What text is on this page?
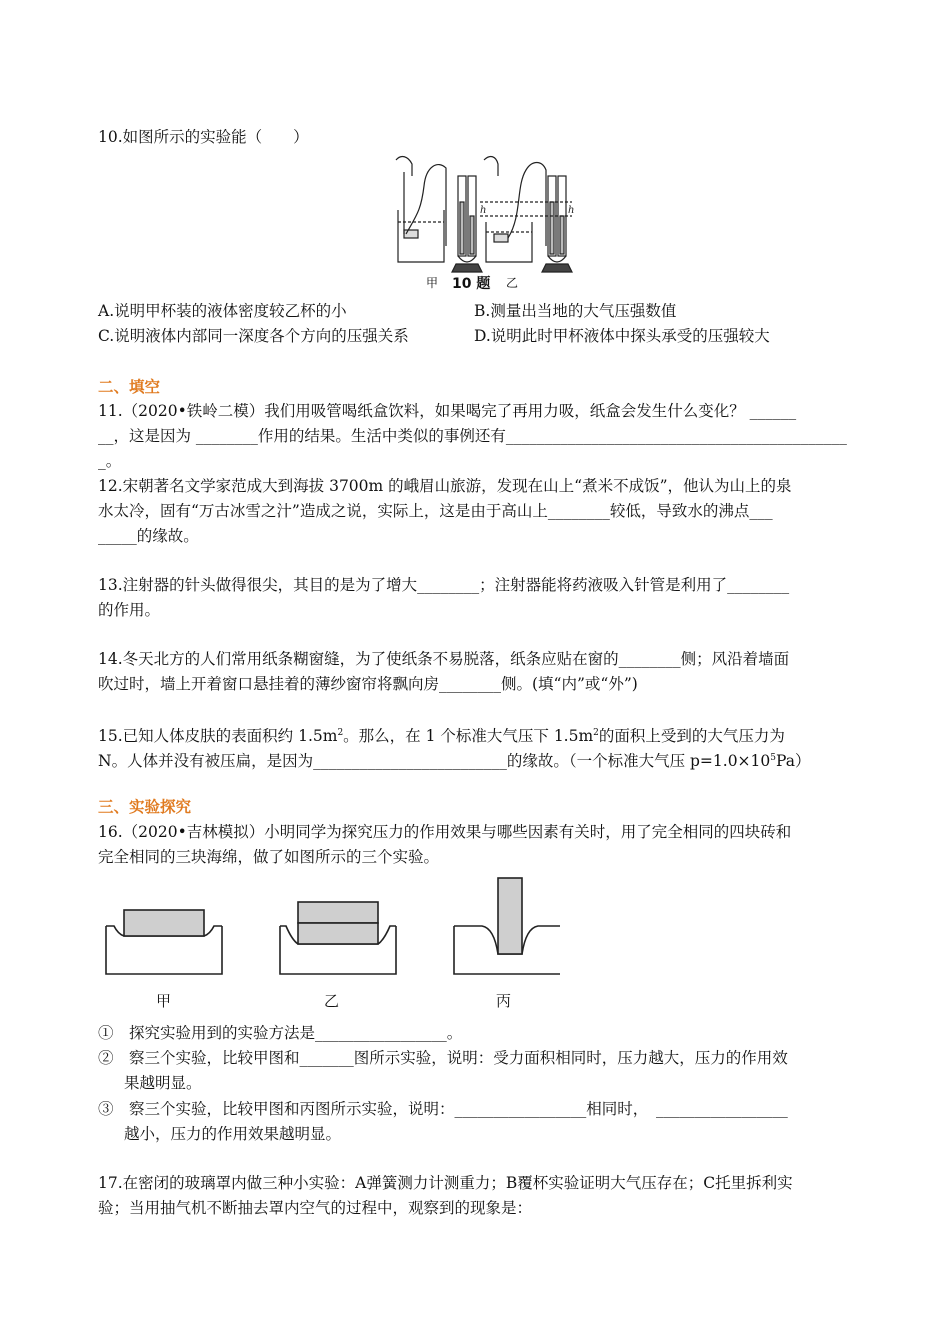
10.如图所示的实验能（　　）
h	h
甲 10 题 乙
A.说明甲杯装的液体密度较乙杯的小	B.测量出当地的大气压强数值
C.说明液体内部同一深度各个方向的压强关系	D.说明此时甲杯液体中探头承受的压强较大
二、填空
11.（2020•铁岭二模）我们用吸管喝纸盒饮料，如果喝完了再用力吸，纸盒会发生什么变化？ ______
__，这是因为 ________作用的结果。生活中类似的事例还有____________________________________________
_。
12.宋朝著名文学家范成大到海拔 3700m 的峨眉山旅游，发现在山上“煮米不成饭”，他认为山上的泉
水太冷，固有“万古冰雪之汁”造成之说，实际上，这是由于高山上________较低，导致水的沸点___
_____的缘故。
13.注射器的针头做得很尖，其目的是为了增大________；注射器能将药液吸入针管是利用了________
的作用。
14.冬天北方的人们常用纸条糊窗缝，为了使纸条不易脱落，纸条应贴在窗的________侧；风沿着墙面
吹过时，墙上开着窗口悬挂着的薄纱窗帘将飘向房________侧。(填“内”或“外”)
15.已知人体皮肤的表面积约 $1.5m^2$。那么，在 1 个标准大气压下 $1.5m^2$的面积上受到的大气压力为
N。人体并没有被压扁，是因为_________________________的缘故。（一个标准大气压 $p=1.0\times 10^5Pa$）
三、实验探究
16.（2020•吉林模拟）小明同学为探究压力的作用效果与哪些因素有关时，用了完全相同的四块砖和
完全相同的三块海绵，做了如图所示的三个实验。
甲	乙	丙
①　探究实验用到的实验方法是_________________。
②　察三个实验，比较甲图和_______图所示实验，说明：受力面积相同时，压力越大，压力的作用效
果越明显。
③　察三个实验，比较甲图和丙图所示实验，说明：_________________相同时，　_________________
越小，压力的作用效果越明显。
17.在密闭的玻璃罩内做三种小实验：A弹簧测力计测重力；B覆杯实验证明大气压存在；C托里拆利实
验；当用抽气机不断抽去罩内空气的过程中，观察到的现象是：
